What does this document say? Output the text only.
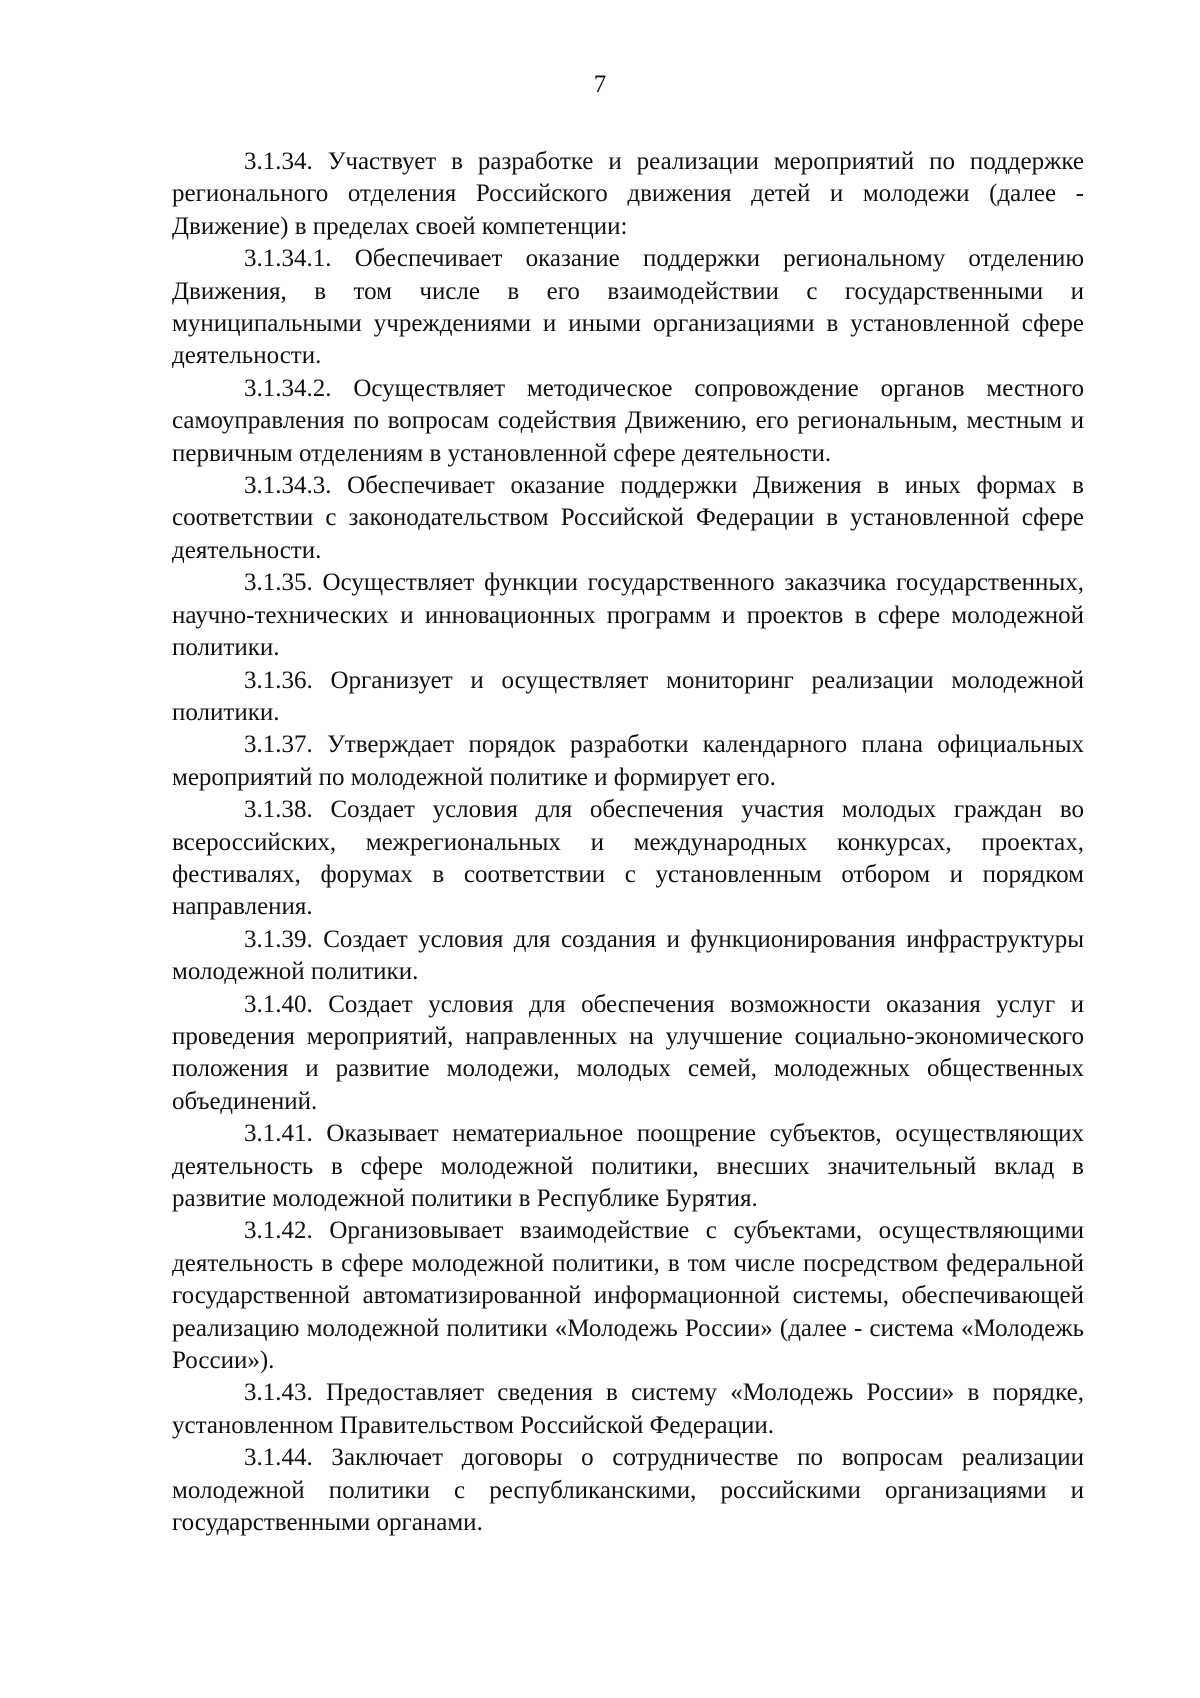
7

3.1.34. Участвует в разработке и реализации мероприятий по поддержке регионального отделения Российского движения детей и молодежи (далее - Движение) в пределах своей компетенции:

3.1.34.1. Обеспечивает оказание поддержки региональному отделению Движения, в том числе в его взаимодействии с государственными и муниципальными учреждениями и иными организациями в установленной сфере деятельности.

3.1.34.2. Осуществляет методическое сопровождение органов местного самоуправления по вопросам содействия Движению, его региональным, местным и первичным отделениям в установленной сфере деятельности.

3.1.34.3. Обеспечивает оказание поддержки Движения в иных формах в соответствии с законодательством Российской Федерации в установленной сфере деятельности.

3.1.35. Осуществляет функции государственного заказчика государственных, научно-технических и инновационных программ и проектов в сфере молодежной политики.

3.1.36. Организует и осуществляет мониторинг реализации молодежной политики.

3.1.37. Утверждает порядок разработки календарного плана официальных мероприятий по молодежной политике и формирует его.

3.1.38. Создает условия для обеспечения участия молодых граждан во всероссийских, межрегиональных и международных конкурсах, проектах, фестивалях, форумах в соответствии с установленным отбором и порядком направления.

3.1.39. Создает условия для создания и функционирования инфраструктуры молодежной политики.

3.1.40. Создает условия для обеспечения возможности оказания услуг и проведения мероприятий, направленных на улучшение социально-экономического положения и развитие молодежи, молодых семей, молодежных общественных объединений.

3.1.41. Оказывает нематериальное поощрение субъектов, осуществляющих деятельность в сфере молодежной политики, внесших значительный вклад в развитие молодежной политики в Республике Бурятия.

3.1.42. Организовывает взаимодействие с субъектами, осуществляющими деятельность в сфере молодежной политики, в том числе посредством федеральной государственной автоматизированной информационной системы, обеспечивающей реализацию молодежной политики «Молодежь России» (далее - система «Молодежь России»).

3.1.43. Предоставляет сведения в систему «Молодежь России» в порядке, установленном Правительством Российской Федерации.

3.1.44. Заключает договоры о сотрудничестве по вопросам реализации молодежной политики с республиканскими, российскими организациями и государственными органами.
